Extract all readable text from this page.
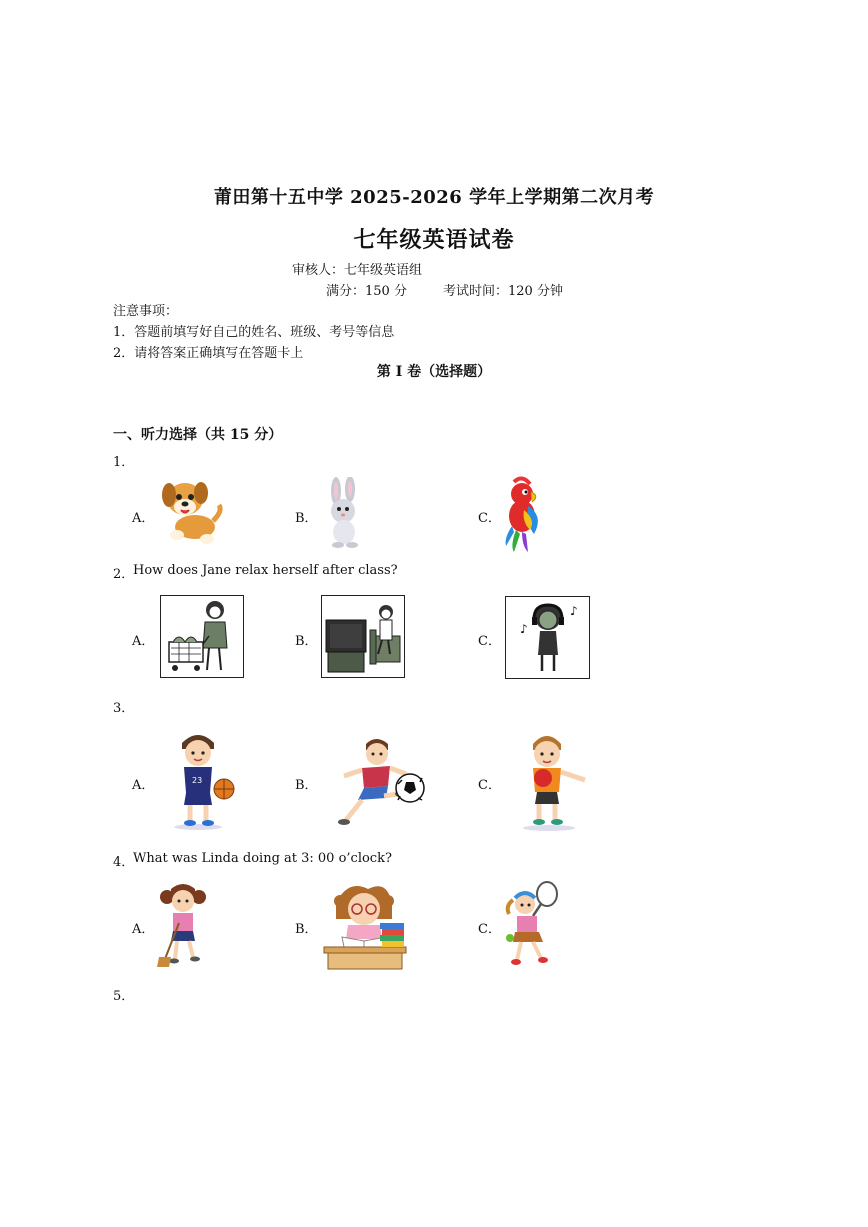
莆田第十五中学 2025-2026 学年上学期第二次月考
七年级英语试卷
审核人：七年级英语组
满分：150 分	考试时间：120 分钟
注意事项：
1．答题前填写好自己的姓名、班级、考号等信息
2．请将答案正确填写在答题卡上
第 I 卷（选择题）
一、听力选择（共 15 分）
1．
A．	B．	C．
2．
How does Jane relax herself after class?
A．	B．	C．
♪
♪
3．
A．	B．	C．
23
4．
What was Linda doing at 3: 00 o’clock?
A．	B．	C．
5．
